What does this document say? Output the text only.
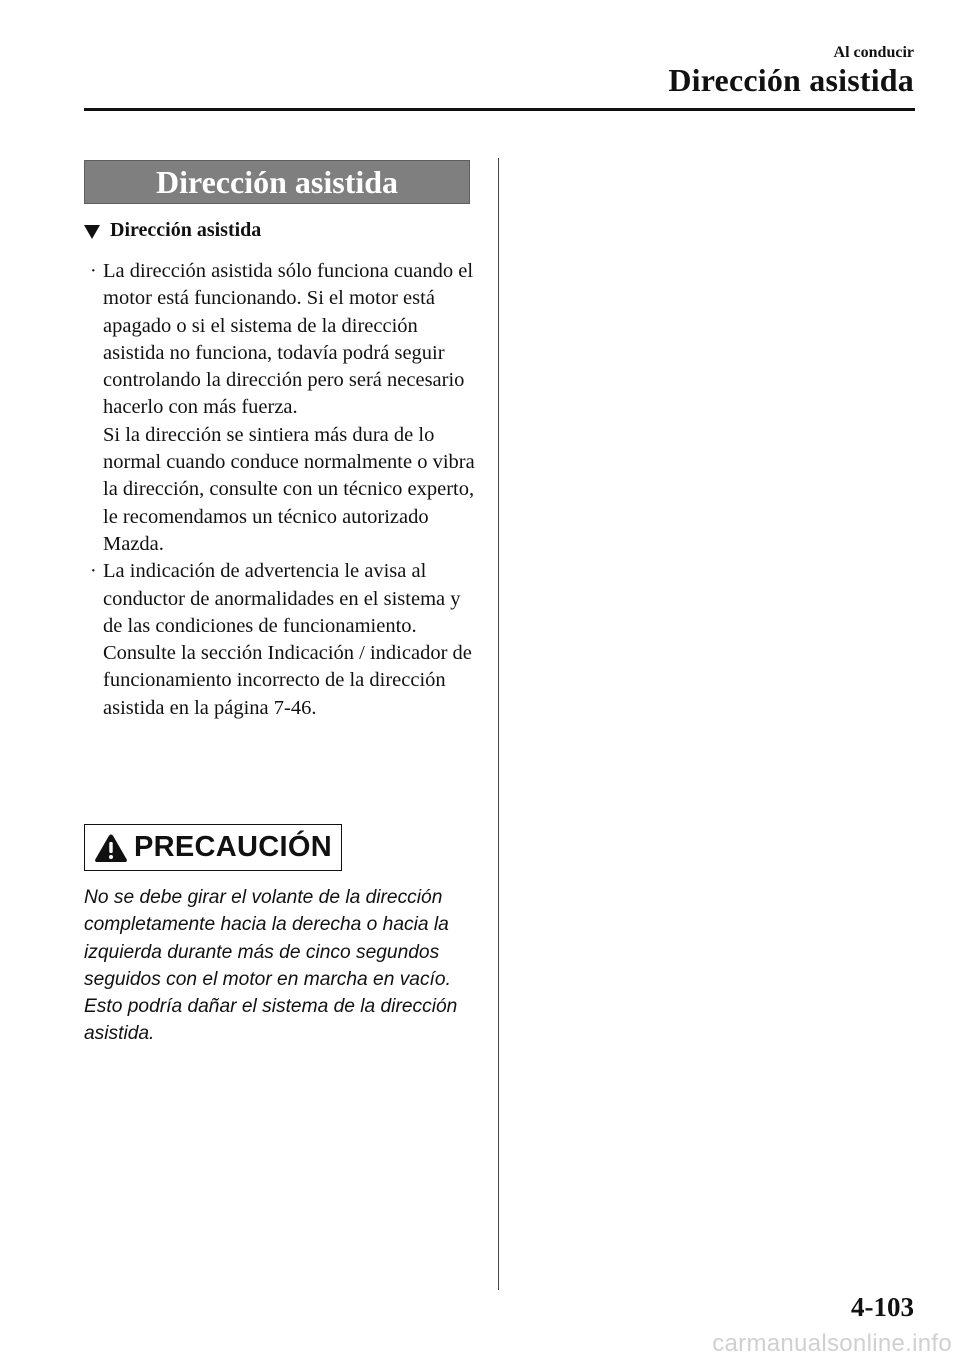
Al conducir
Dirección asistida
Dirección asistida
Dirección asistida
· La dirección asistida sólo funciona cuando el motor está funcionando. Si el motor está apagado o si el sistema de la dirección asistida no funciona, todavía podrá seguir controlando la dirección pero será necesario hacerlo con más fuerza.

Si la dirección se sintiera más dura de lo normal cuando conduce normalmente o vibra la dirección, consulte con un técnico experto, le recomendamos un técnico autorizado Mazda.

· La indicación de advertencia le avisa al conductor de anormalidades en el sistema y de las condiciones de funcionamiento.

Consulte la sección Indicación / indicador de funcionamiento incorrecto de la dirección asistida en la página 7-46.

PRECAUCIÓN

No se debe girar el volante de la dirección completamente hacia la derecha o hacia la izquierda durante más de cinco segundos seguidos con el motor en marcha en vacío. Esto podría dañar el sistema de la dirección asistida.

4-103
carmanualsonline.info
